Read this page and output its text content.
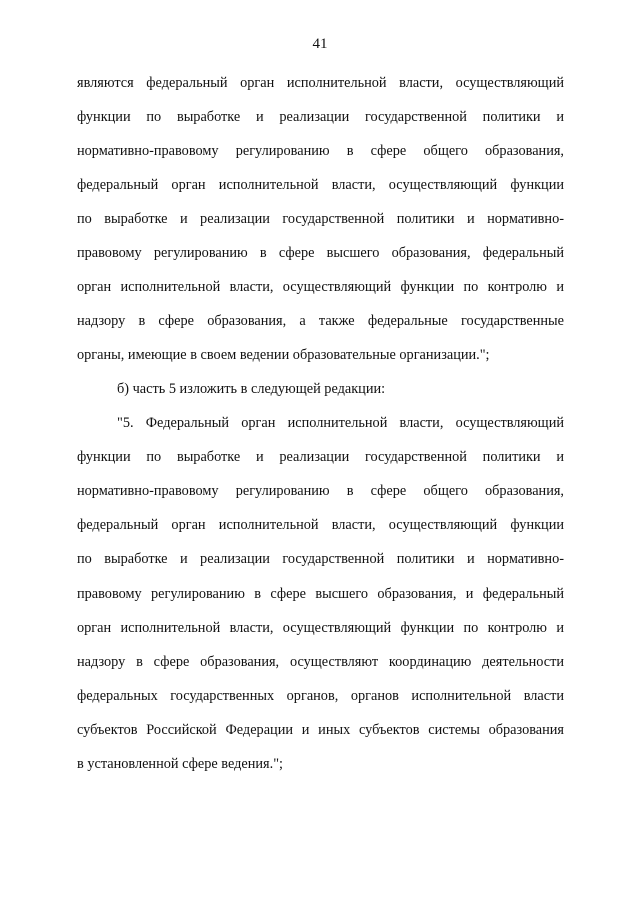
41
являются федеральный орган исполнительной власти, осуществляющий
функции по выработке и реализации государственной политики и
нормативно-правовому регулированию в сфере общего образования,
федеральный орган исполнительной власти, осуществляющий функции
по выработке и реализации государственной политики и нормативно-
правовому регулированию в сфере высшего образования, федеральный
орган исполнительной власти, осуществляющий функции по контролю и
надзору в сфере образования, а также федеральные государственные
органы, имеющие в своем ведении образовательные организации.";
б) часть 5 изложить в следующей редакции:
"5. Федеральный орган исполнительной власти, осуществляющий
функции по выработке и реализации государственной политики и
нормативно-правовому регулированию в сфере общего образования,
федеральный орган исполнительной власти, осуществляющий функции
по выработке и реализации государственной политики и нормативно-
правовому регулированию в сфере высшего образования, и федеральный
орган исполнительной власти, осуществляющий функции по контролю и
надзору в сфере образования, осуществляют координацию деятельности
федеральных государственных органов, органов исполнительной власти
субъектов Российской Федерации и иных субъектов системы образования
в установленной сфере ведения.";
